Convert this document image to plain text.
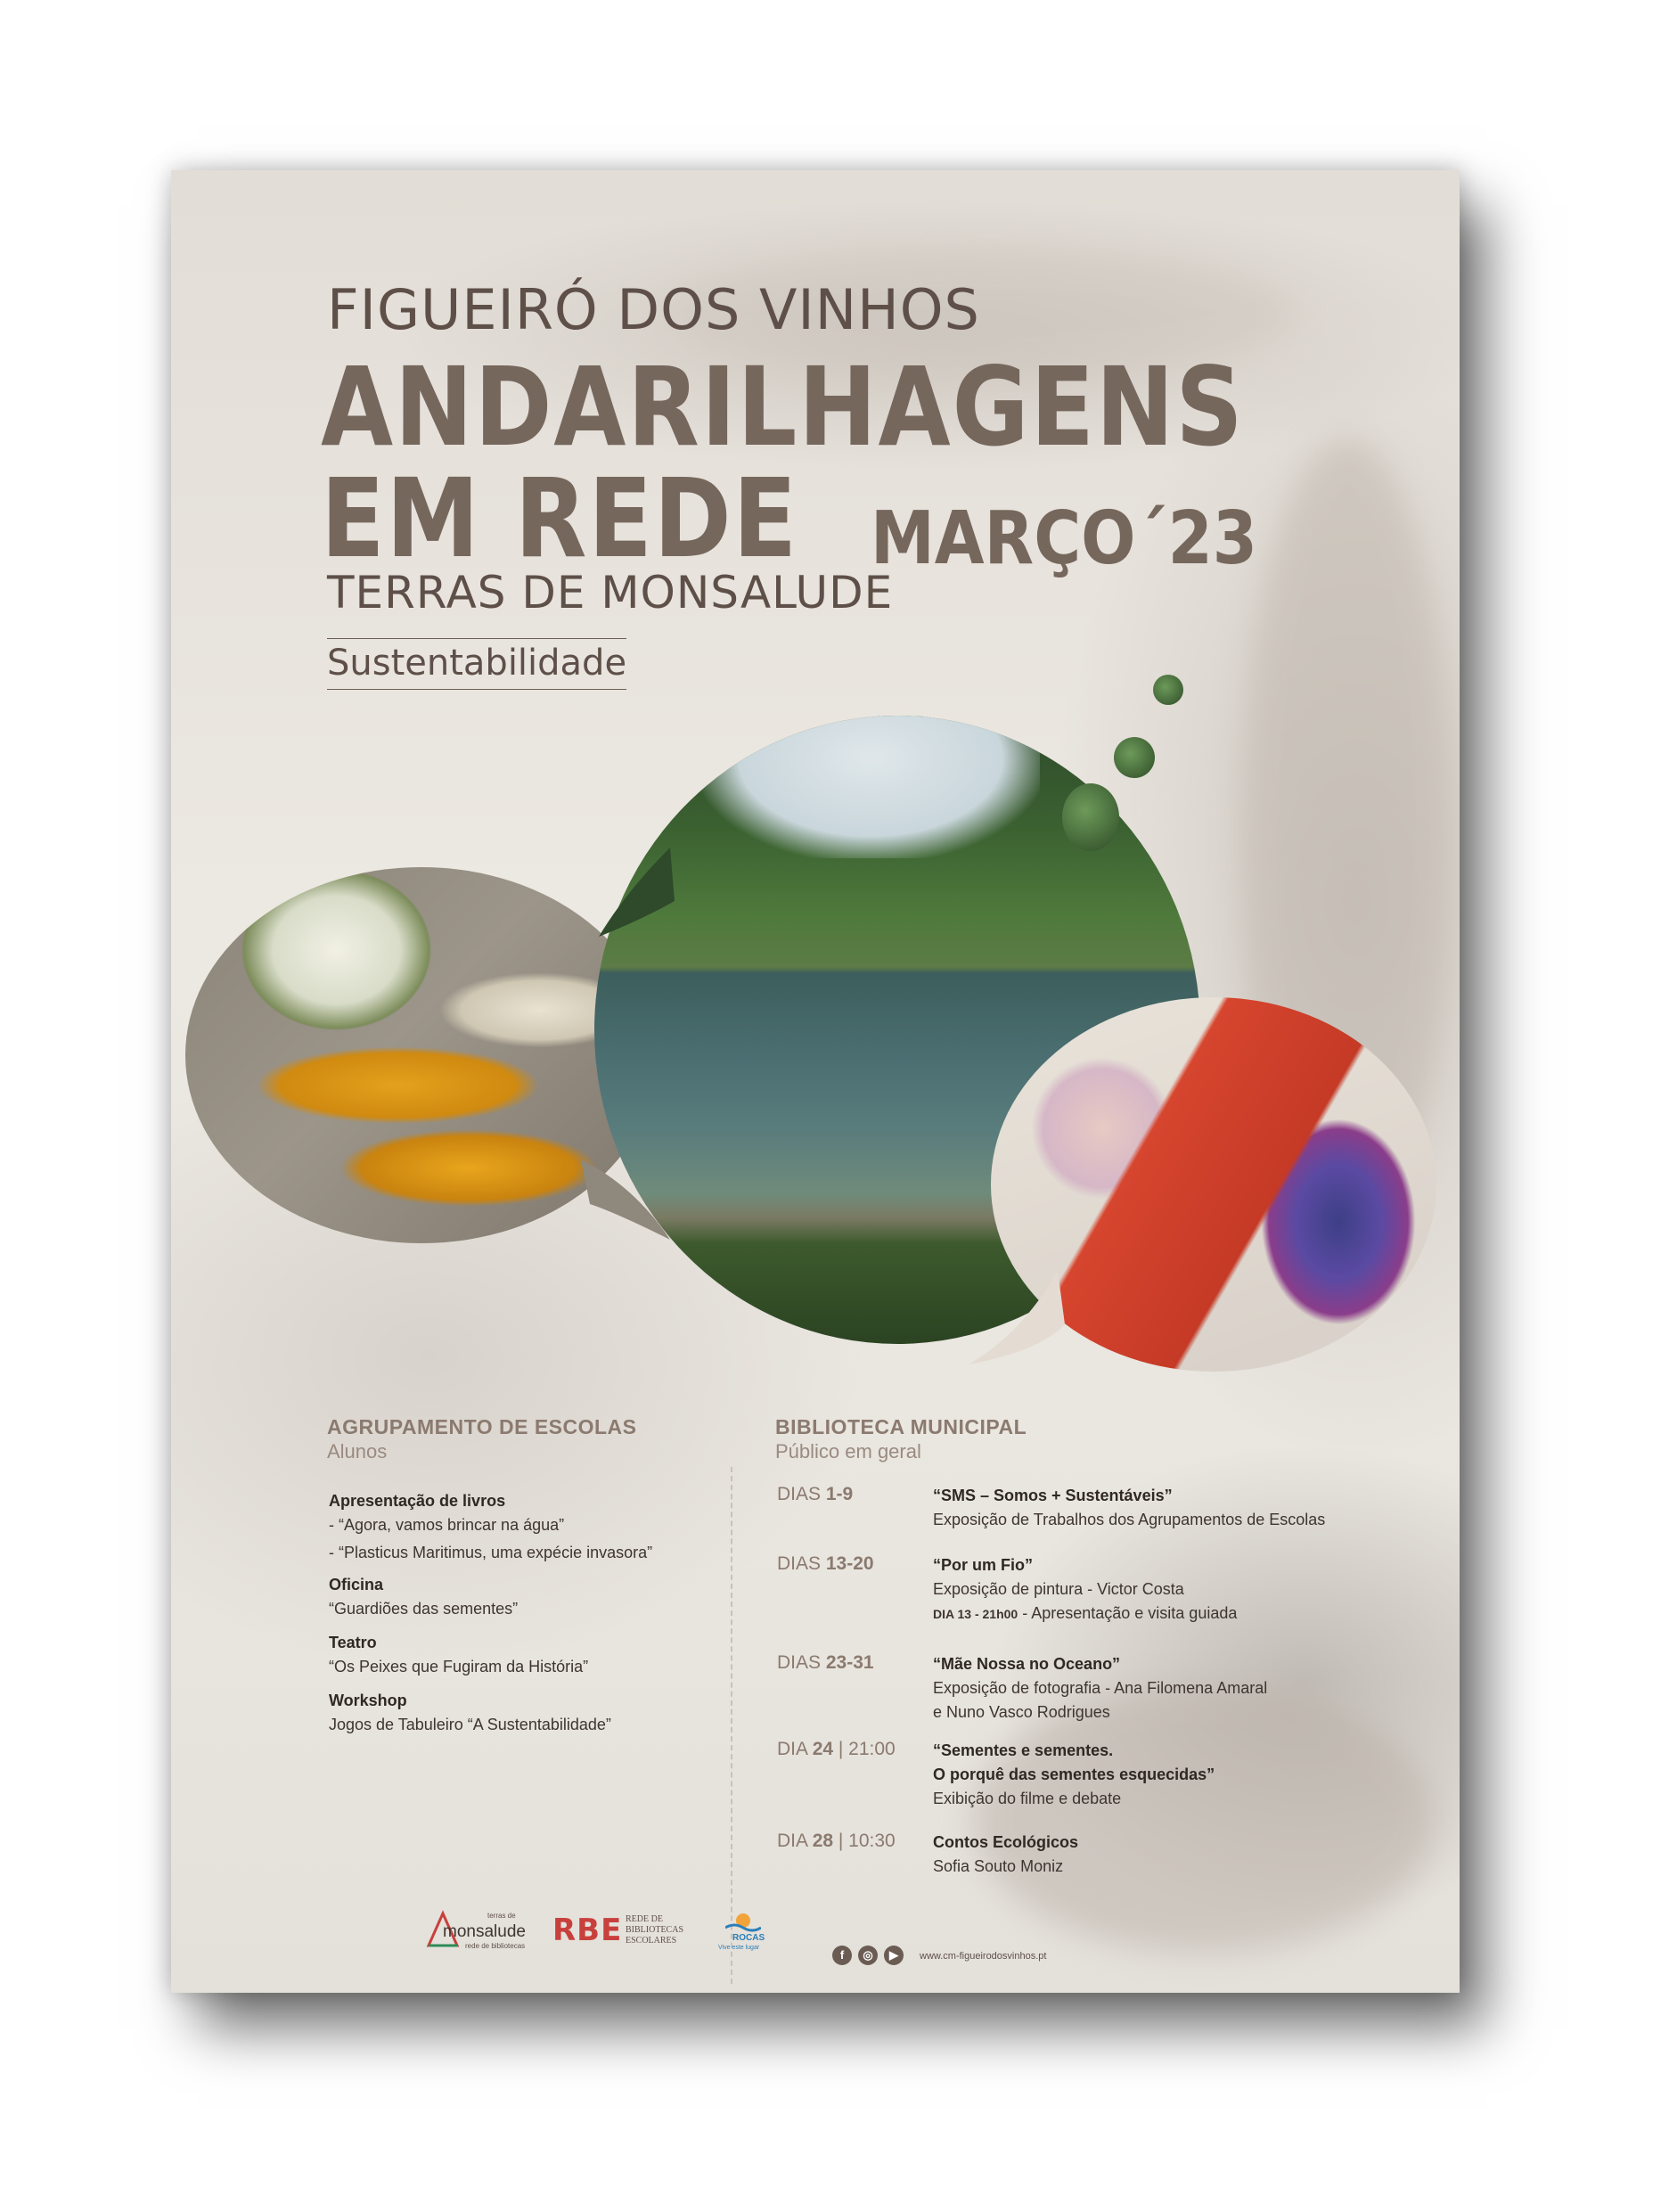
FIGUEIRÓ DOS VINHOS
ANDARILHAGENS
EM REDE MARÇO´23
TERRAS DE MONSALUDE
Sustentabilidade
AGRUPAMENTO DE ESCOLAS
Alunos
Apresentação de livros
- “Agora, vamos brincar na água”
- “Plasticus Maritimus, uma expécie invasora”
Oficina
“Guardiões das sementes”
Teatro
“Os Peixes que Fugiram da História”
Workshop
Jogos de Tabuleiro “A Sustentabilidade”
BIBLIOTECA MUNICIPAL
Público em geral
DIAS 1-9	“SMS – Somos + Sustentáveis”
Exposição de Trabalhos dos Agrupamentos de Escolas
DIAS 13-20	“Por um Fio”
Exposição de pintura - Victor Costa
DIA 13 - 21h00 - Apresentação e visita guiada
DIAS 23-31	“Mãe Nossa no Oceano”
Exposição de fotografia - Ana Filomena Amaral
e Nuno Vasco Rodrigues
DIA 24 | 21:00 “Sementes e sementes.
O porquê das sementes esquecidas”
Exibição do filme e debate
DIA 28 | 10:30 Contos Ecológicos
Sofia Souto Moniz
terras de
monsalude
rede de bibliotecas RBE REDE DE
BIBLIOTECAS
ESCOLARES	ROCAS
Vive este lugar
f	◎	▶	www.cm-figueirodosvinhos.pt
